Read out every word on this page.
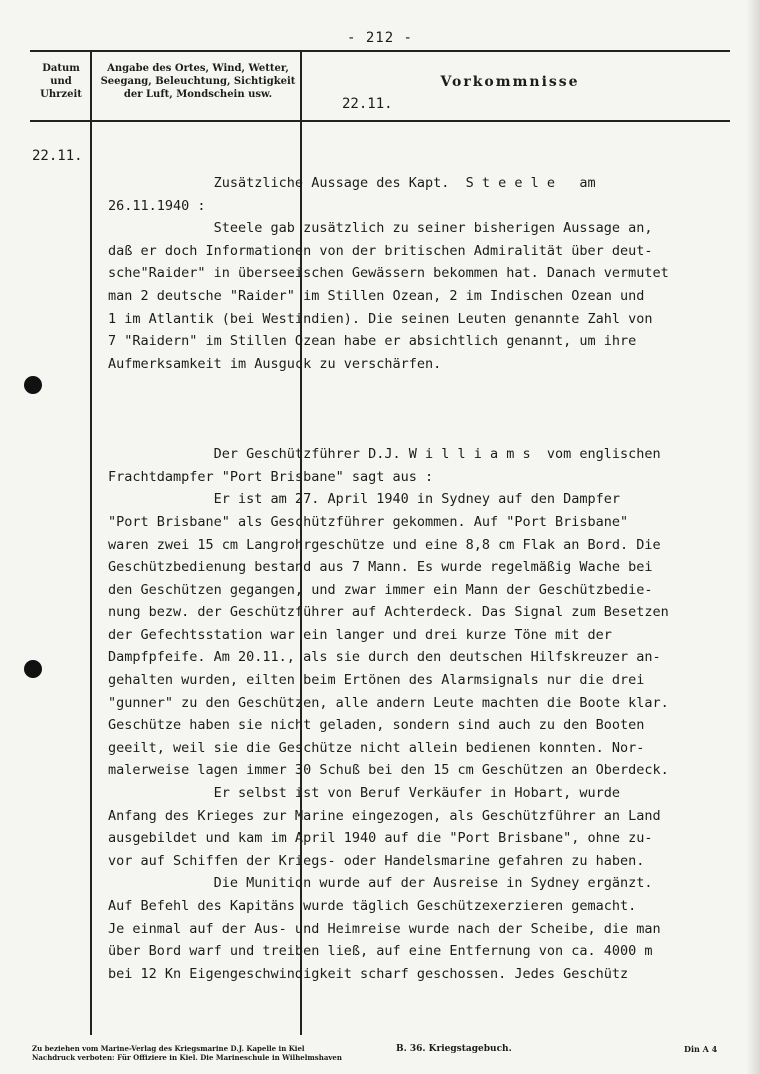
- 212 -
Datum
und
Uhrzeit
Angabe des Ortes, Wind, Wetter,
Seegang, Beleuchtung, Sichtigkeit
der Luft, Mondschein usw.
Vorkommnisse
22.11.
22.11.
Zusätzliche Aussage des Kapt.  S t e e l e   am
26.11.1940 :
Steele gab zusätzlich zu seiner bisherigen Aussage an,
daß er doch Informationen von der britischen Admiralität über deut-
sche"Raider" in überseeischen Gewässern bekommen hat. Danach vermutet
man 2 deutsche "Raider" im Stillen Ozean, 2 im Indischen Ozean und
1 im Atlantik (bei Westindien). Die seinen Leuten genannte Zahl von
7 "Raidern" im Stillen Ozean habe er absichtlich genannt, um ihre
Aufmerksamkeit im Ausguck zu verschärfen.
Der Geschützführer D.J. W i l l i a m s  vom englischen
Frachtdampfer "Port Brisbane" sagt aus :
Er ist am 27. April 1940 in Sydney auf den Dampfer
"Port Brisbane" als Geschützführer gekommen. Auf "Port Brisbane"
waren zwei 15 cm Langrohrgeschütze und eine 8,8 cm Flak an Bord. Die
Geschützbedienung bestand aus 7 Mann. Es wurde regelmäßig Wache bei
den Geschützen gegangen, und zwar immer ein Mann der Geschützbedie-
nung bezw. der Geschützführer auf Achterdeck. Das Signal zum Besetzen
der Gefechtsstation war ein langer und drei kurze Töne mit der
Dampfpfeife. Am 20.11., als sie durch den deutschen Hilfskreuzer an-
gehalten wurden, eilten beim Ertönen des Alarmsignals nur die drei
"gunner" zu den Geschützen, alle andern Leute machten die Boote klar.
Geschütze haben sie nicht geladen, sondern sind auch zu den Booten
geeilt, weil sie die Geschütze nicht allein bedienen konnten. Nor-
malerweise lagen immer 30 Schuß bei den 15 cm Geschützen an Oberdeck.
Er selbst ist von Beruf Verkäufer in Hobart, wurde
Anfang des Krieges zur Marine eingezogen, als Geschützführer an Land
ausgebildet und kam im April 1940 auf die "Port Brisbane", ohne zu-
vor auf Schiffen der Kriegs- oder Handelsmarine gefahren zu haben.
Die Munition wurde auf der Ausreise in Sydney ergänzt.
Auf Befehl des Kapitäns wurde täglich Geschützexerzieren gemacht.
Je einmal auf der Aus- und Heimreise wurde nach der Scheibe, die man
über Bord warf und treiben ließ, auf eine Entfernung von ca. 4000 m
bei 12 Kn Eigengeschwindigkeit scharf geschossen. Jedes Geschütz
Zu beziehen vom Marine-Verlag des Kriegsmarine D.J. Kapelle in Kiel
Nachdruck verboten: Für Offiziere in Kiel. Die Marineschule in Wilhelmshaven
B. 36. Kriegstagebuch.	Din A 4
